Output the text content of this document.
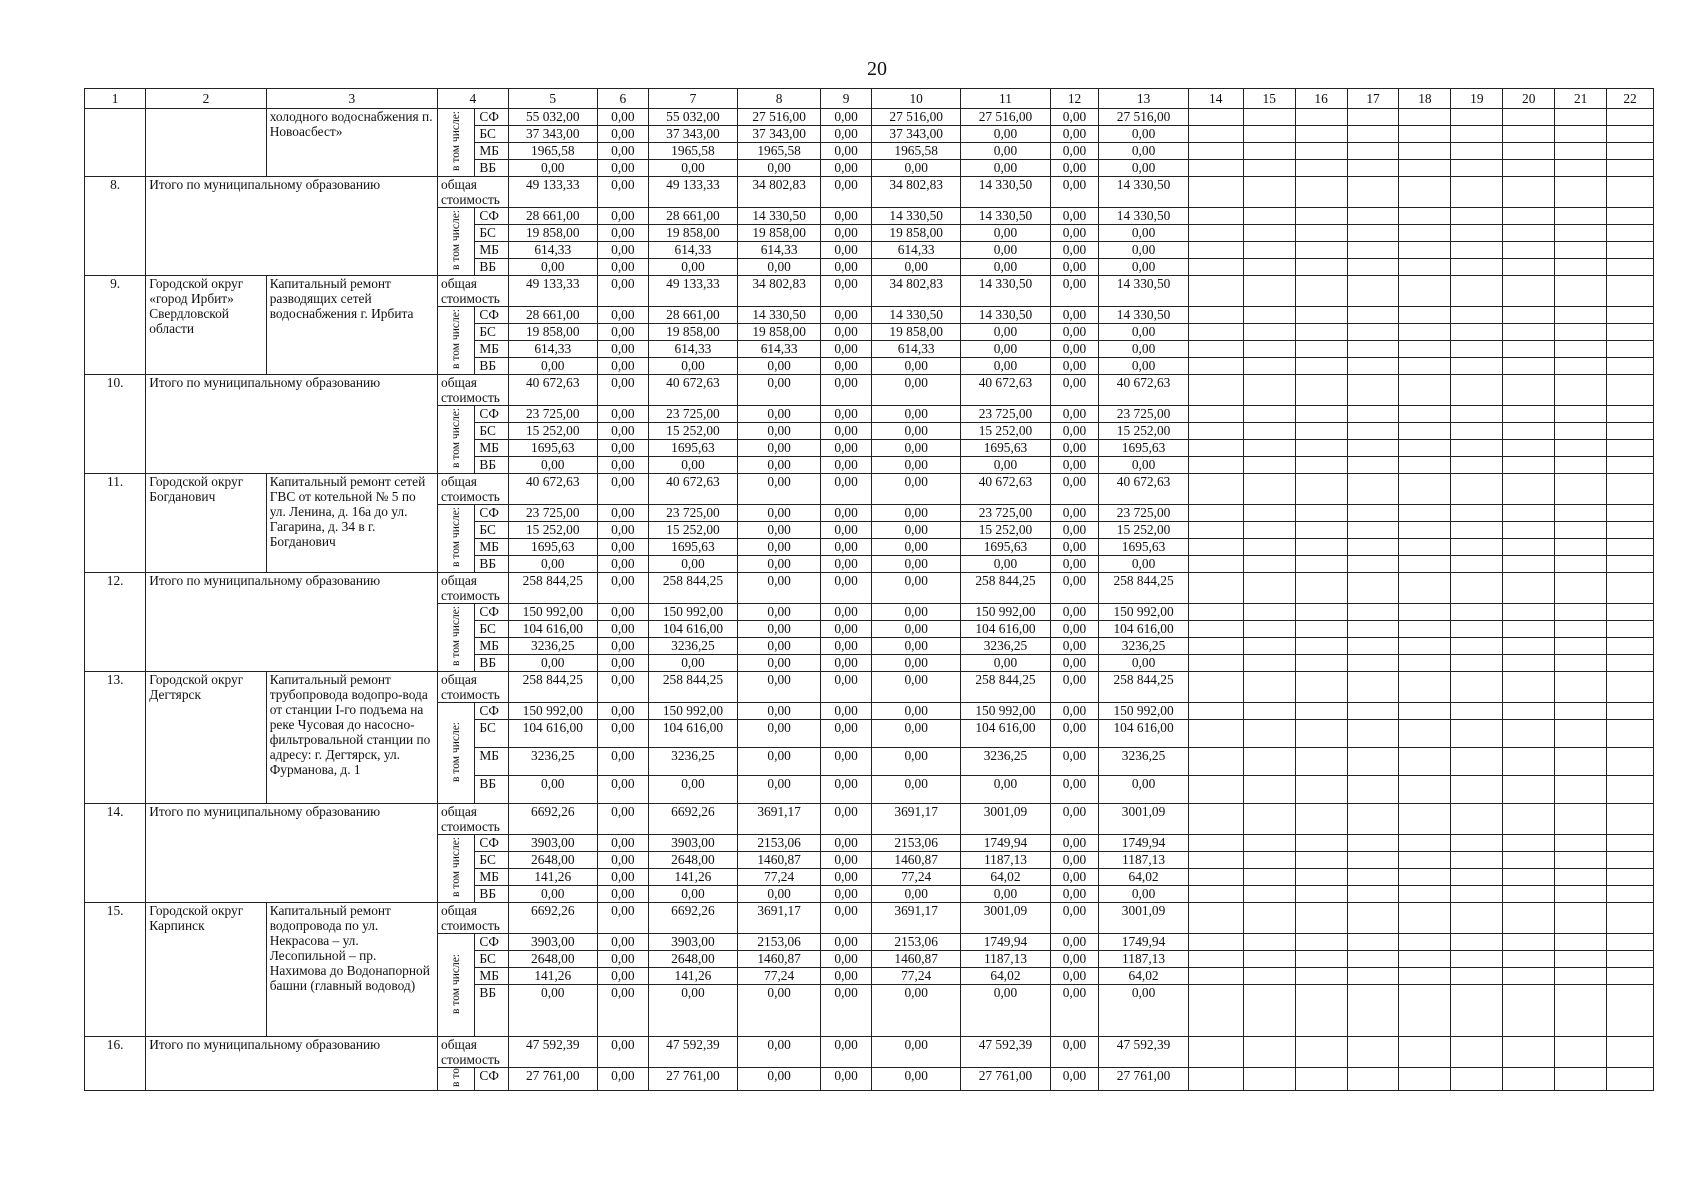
20
1	2	3	4		5	6	7	8	9	10	11	12	13	14	15	16	17	18	19	20	21	22
		холодного водоснабжения п. Новоасбест»	в том числе:	СФ	55 032,00	0,00	55 032,00	27 516,00	0,00	27 516,00	27 516,00	0,00	27 516,00									
				БС	37 343,00	0,00	37 343,00	37 343,00	0,00	37 343,00	0,00	0,00	0,00									
				МБ	1965,58	0,00	1965,58	1965,58	0,00	1965,58	0,00	0,00	0,00									
				ВБ	0,00	0,00	0,00	0,00	0,00	0,00	0,00	0,00	0,00									
8.	Итого по муниципальному образованию		общая стоимость		49 133,33	0,00	49 133,33	34 802,83	0,00	34 802,83	14 330,50	0,00	14 330,50									

			в том числе:	СФ	28 661,00	0,00	28 661,00	14 330,50	0,00	14 330,50	14 330,50	0,00	14 330,50									
				БС	19 858,00	0,00	19 858,00	19 858,00	0,00	19 858,00	0,00	0,00	0,00									
				МБ	614,33	0,00	614,33	614,33	0,00	614,33	0,00	0,00	0,00									
				ВБ	0,00	0,00	0,00	0,00	0,00	0,00	0,00	0,00	0,00									
9.	Городской округ «город Ирбит» Свердловской области	Капитальный ремонт разводящих сетей водоснабжения г. Ирбита	общая стоимость		49 133,33	0,00	49 133,33	34 802,83	0,00	34 802,83	14 330,50	0,00	14 330,50									

			в том числе:	СФ	28 661,00	0,00	28 661,00	14 330,50	0,00	14 330,50	14 330,50	0,00	14 330,50									
				БС	19 858,00	0,00	19 858,00	19 858,00	0,00	19 858,00	0,00	0,00	0,00									
				МБ	614,33	0,00	614,33	614,33	0,00	614,33	0,00	0,00	0,00									
				ВБ	0,00	0,00	0,00	0,00	0,00	0,00	0,00	0,00	0,00									
10.	Итого по муниципальному образованию		общая стоимость		40 672,63	0,00	40 672,63	0,00	0,00	0,00	40 672,63	0,00	40 672,63									

			в том числе:	СФ	23 725,00	0,00	23 725,00	0,00	0,00	0,00	23 725,00	0,00	23 725,00									
				БС	15 252,00	0,00	15 252,00	0,00	0,00	0,00	15 252,00	0,00	15 252,00									
				МБ	1695,63	0,00	1695,63	0,00	0,00	0,00	1695,63	0,00	1695,63									
				ВБ	0,00	0,00	0,00	0,00	0,00	0,00	0,00	0,00	0,00									
11.	Городской округ Богданович	Капитальный ремонт сетей ГВС от котельной № 5 по ул. Ленина, д. 16а до ул. Гагарина, д. 34 в г. Богданович	общая стоимость		40 672,63	0,00	40 672,63	0,00	0,00	0,00	40 672,63	0,00	40 672,63									

			в том числе:	СФ	23 725,00	0,00	23 725,00	0,00	0,00	0,00	23 725,00	0,00	23 725,00									
				БС	15 252,00	0,00	15 252,00	0,00	0,00	0,00	15 252,00	0,00	15 252,00									
				МБ	1695,63	0,00	1695,63	0,00	0,00	0,00	1695,63	0,00	1695,63									
				ВБ	0,00	0,00	0,00	0,00	0,00	0,00	0,00	0,00	0,00									
12.	Итого по муниципальному образованию		общая стоимость		258 844,25	0,00	258 844,25	0,00	0,00	0,00	258 844,25	0,00	258 844,25									

			в том числе:	СФ	150 992,00	0,00	150 992,00	0,00	0,00	0,00	150 992,00	0,00	150 992,00									
				БС	104 616,00	0,00	104 616,00	0,00	0,00	0,00	104 616,00	0,00	104 616,00									
				МБ	3236,25	0,00	3236,25	0,00	0,00	0,00	3236,25	0,00	3236,25									
				ВБ	0,00	0,00	0,00	0,00	0,00	0,00	0,00	0,00	0,00									
13.	Городской округ Дегтярск	Капитальный ремонт трубопровода водопро-вода от станции I-го подъема на реке Чусовая до насосно-фильтровальной станции по адресу: г. Дегтярск, ул. Фурманова, д. 1	общая стоимость		258 844,25	0,00	258 844,25	0,00	0,00	0,00	258 844,25	0,00	258 844,25									

			в том числе:	СФ	150 992,00	0,00	150 992,00	0,00	0,00	0,00	150 992,00	0,00	150 992,00									
				БС	104 616,00	0,00	104 616,00	0,00	0,00	0,00	104 616,00	0,00	104 616,00									
				МБ	3236,25	0,00	3236,25	0,00	0,00	0,00	3236,25	0,00	3236,25									
				ВБ	0,00	0,00	0,00	0,00	0,00	0,00	0,00	0,00	0,00									
14.	Итого по муниципальному образованию		общая стоимость		6692,26	0,00	6692,26	3691,17	0,00	3691,17	3001,09	0,00	3001,09									

			в том числе:	СФ	3903,00	0,00	3903,00	2153,06	0,00	2153,06	1749,94	0,00	1749,94									
				БС	2648,00	0,00	2648,00	1460,87	0,00	1460,87	1187,13	0,00	1187,13									
				МБ	141,26	0,00	141,26	77,24	0,00	77,24	64,02	0,00	64,02									
				ВБ	0,00	0,00	0,00	0,00	0,00	0,00	0,00	0,00	0,00									
15.	Городской округ Карпинск	Капитальный ремонт водопровода по ул. Некрасова – ул. Лесопильной – пр. Нахимова до Водонапорной башни (главный водовод)	общая стоимость		6692,26	0,00	6692,26	3691,17	0,00	3691,17	3001,09	0,00	3001,09									

			в том числе:	СФ	3903,00	0,00	3903,00	2153,06	0,00	2153,06	1749,94	0,00	1749,94									
				БС	2648,00	0,00	2648,00	1460,87	0,00	1460,87	1187,13	0,00	1187,13									
				МБ	141,26	0,00	141,26	77,24	0,00	77,24	64,02	0,00	64,02									
				ВБ	0,00	0,00	0,00	0,00	0,00	0,00	0,00	0,00	0,00									
16.	Итого по муниципальному образованию		общая стоимость		47 592,39	0,00	47 592,39	0,00	0,00	0,00	47 592,39	0,00	47 592,39									

			в то	СФ	27 761,00	0,00	27 761,00	0,00	0,00	0,00	27 761,00	0,00	27 761,00									
